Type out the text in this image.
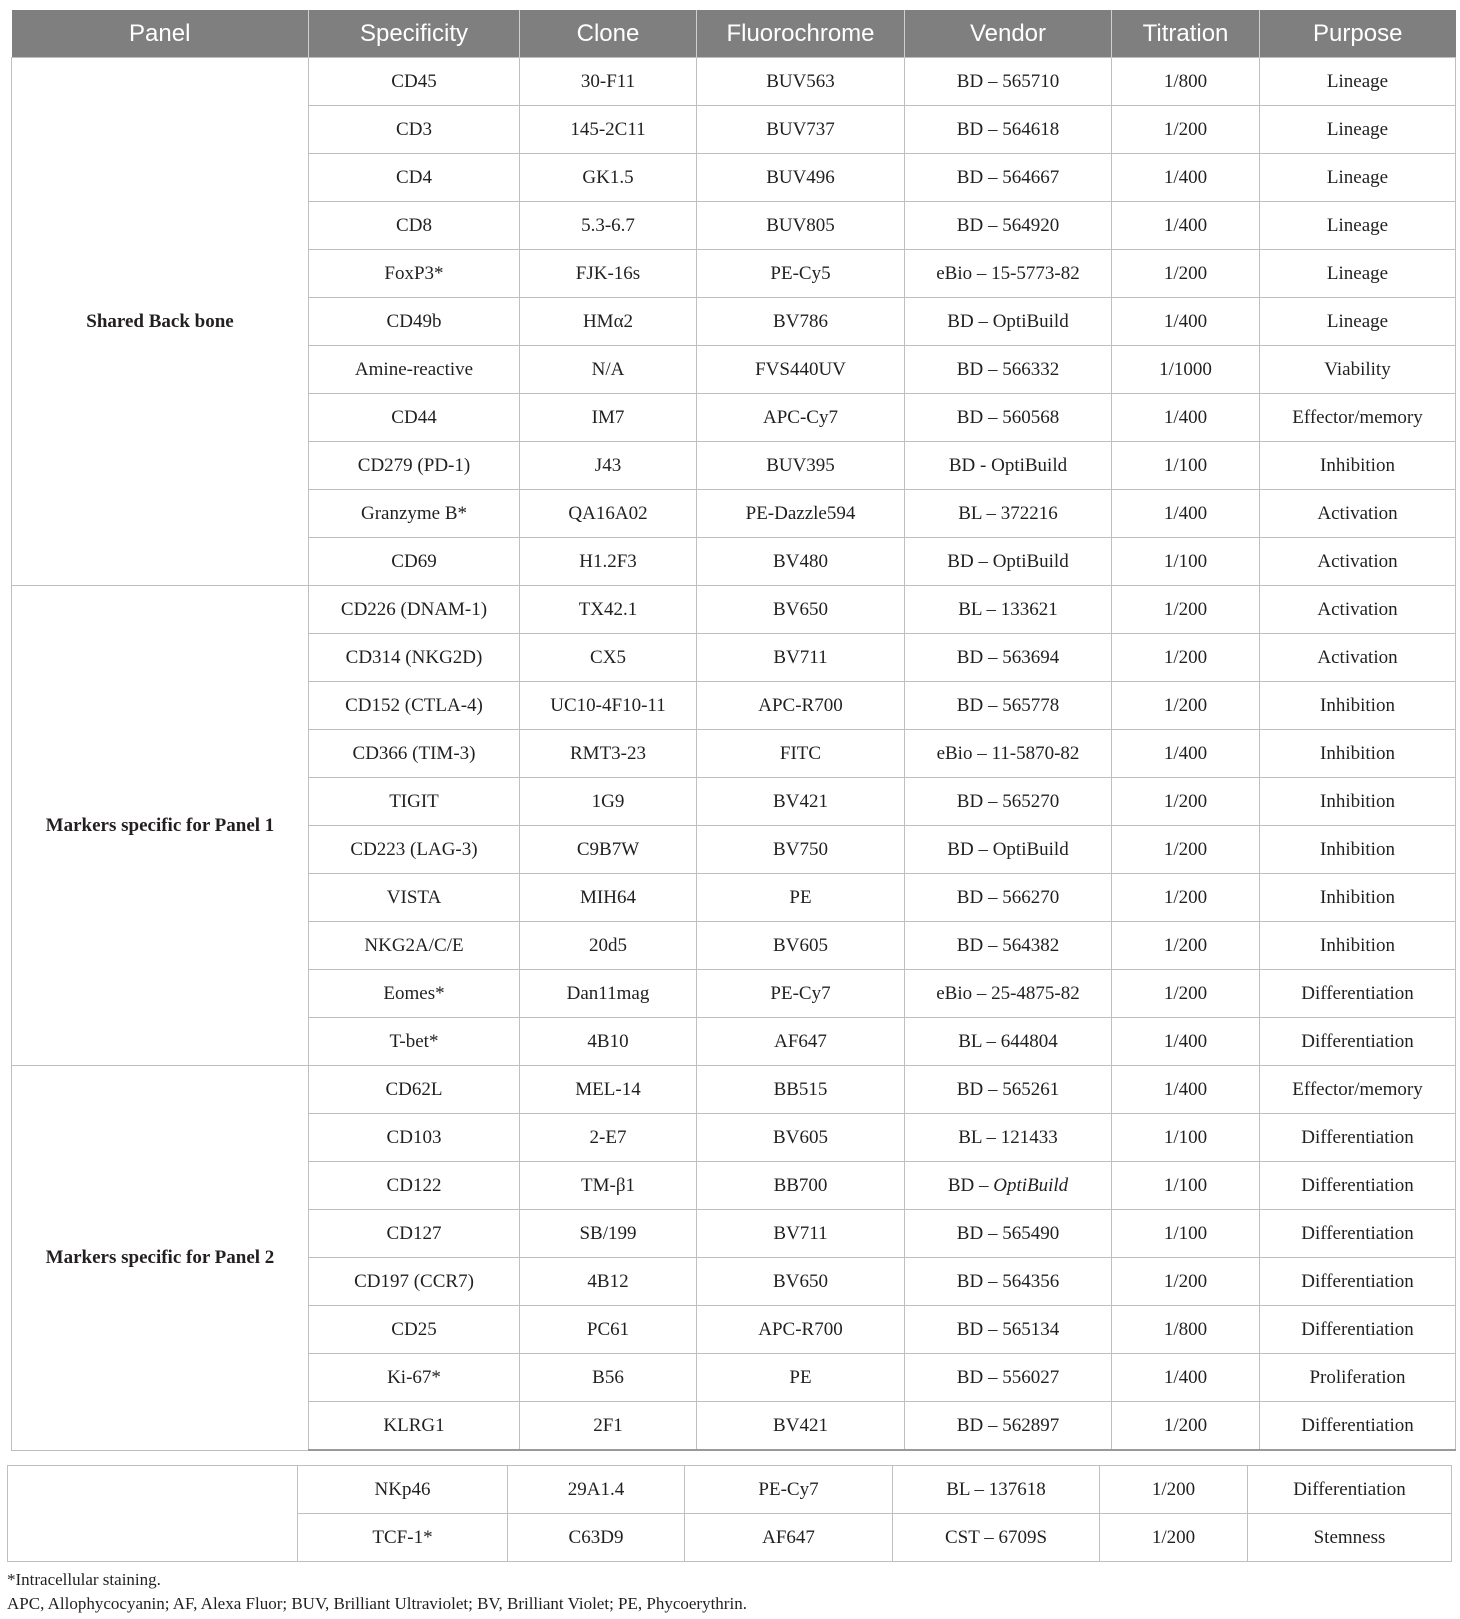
Panel	Specificity	Clone	Fluorochrome	Vendor	Titration	Purpose
Shared Back bone	CD45	30-F11	BUV563	BD – 565710	1/800	Lineage
	CD3	145-2C11	BUV737	BD – 564618	1/200	Lineage
	CD4	GK1.5	BUV496	BD – 564667	1/400	Lineage
	CD8	5.3-6.7	BUV805	BD – 564920	1/400	Lineage
	FoxP3*	FJK-16s	PE-Cy5	eBio – 15-5773-82	1/200	Lineage
	CD49b	HMα2	BV786	BD – OptiBuild	1/400	Lineage
	Amine-reactive	N/A	FVS440UV	BD – 566332	1/1000	Viability
	CD44	IM7	APC-Cy7	BD – 560568	1/400	Effector/memory
	CD279 (PD-1)	J43	BUV395	BD - OptiBuild	1/100	Inhibition
	Granzyme B*	QA16A02	PE-Dazzle594	BL – 372216	1/400	Activation
	CD69	H1.2F3	BV480	BD – OptiBuild	1/100	Activation
Markers specific for Panel 1	CD226 (DNAM-1)	TX42.1	BV650	BL – 133621	1/200	Activation
	CD314 (NKG2D)	CX5	BV711	BD – 563694	1/200	Activation
	CD152 (CTLA-4)	UC10-4F10-11	APC-R700	BD – 565778	1/200	Inhibition
	CD366 (TIM-3)	RMT3-23	FITC	eBio – 11-5870-82	1/400	Inhibition
	TIGIT	1G9	BV421	BD – 565270	1/200	Inhibition
	CD223 (LAG-3)	C9B7W	BV750	BD – OptiBuild	1/200	Inhibition
	VISTA	MIH64	PE	BD – 566270	1/200	Inhibition
	NKG2A/C/E	20d5	BV605	BD – 564382	1/200	Inhibition
	Eomes*	Dan11mag	PE-Cy7	eBio – 25-4875-82	1/200	Differentiation
	T-bet*	4B10	AF647	BL – 644804	1/400	Differentiation
Markers specific for Panel 2	CD62L	MEL-14	BB515	BD – 565261	1/400	Effector/memory
	CD103	2-E7	BV605	BL – 121433	1/100	Differentiation
	CD122	TM-β1	BB700	BD – OptiBuild	1/100	Differentiation
	CD127	SB/199	BV711	BD – 565490	1/100	Differentiation
	CD197 (CCR7)	4B12	BV650	BD – 564356	1/200	Differentiation
	CD25	PC61	APC-R700	BD – 565134	1/800	Differentiation
	Ki-67*	B56	PE	BD – 556027	1/400	Proliferation
	KLRG1	2F1	BV421	BD – 562897	1/200	Differentiation
	NKp46	29A1.4	PE-Cy7	BL – 137618	1/200	Differentiation
	TCF-1*	C63D9	AF647	CST – 6709S	1/200	Stemness
*Intracellular staining.
APC, Allophycocyanin; AF, Alexa Fluor; BUV, Brilliant Ultraviolet; BV, Brilliant Violet; PE, Phycoerythrin.
